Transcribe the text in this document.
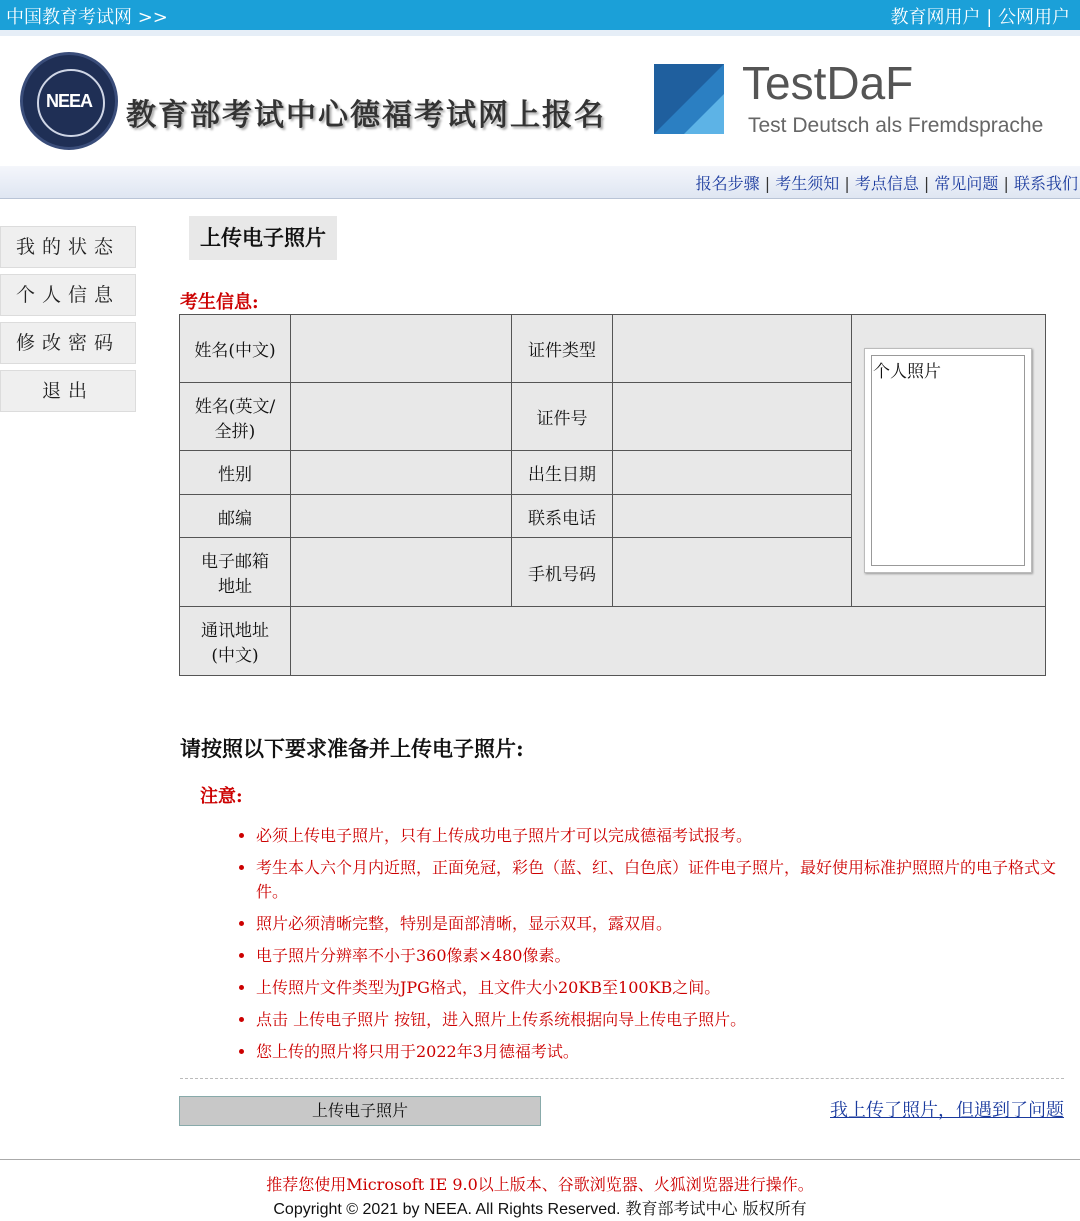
中国教育考试网 >>	教育网用户 | 公网用户
NEEA	教育部考试中心德福考试网上报名
TestDaF
Test Deutsch als Fremdsprache
报名步骤 | 考生须知 | 考点信息 | 常见问题 | 联系我们
我的状态
个人信息
修改密码
退出
上传电子照片
考生信息:
姓名(中文)		证件类型		
姓名(英文/
全拼)		证件号		
性别		出生日期		
邮编		联系电话		
电子邮箱
地址		手机号码		
通讯地址
(中文)				
个人照片
请按照以下要求准备并上传电子照片:
注意:
• 必须上传电子照片，只有上传成功电子照片才可以完成德福考试报考。
• 考生本人六个月内近照，正面免冠，彩色（蓝、红、白色底）证件电子照片，最好使用标准护照照片的电子格式文件。
• 照片必须清晰完整，特别是面部清晰，显示双耳，露双眉。
• 电子照片分辨率不小于360像素×480像素。
• 上传照片文件类型为JPG格式，且文件大小20KB至100KB之间。
• 点击 上传电子照片 按钮，进入照片上传系统根据向导上传电子照片。
• 您上传的照片将只用于2022年3月德福考试。
上传电子照片	我上传了照片，但遇到了问题
推荐您使用Microsoft IE 9.0以上版本、谷歌浏览器、火狐浏览器进行操作。
Copyright © 2021 by NEEA. All Rights Reserved. 教育部考试中心 版权所有
